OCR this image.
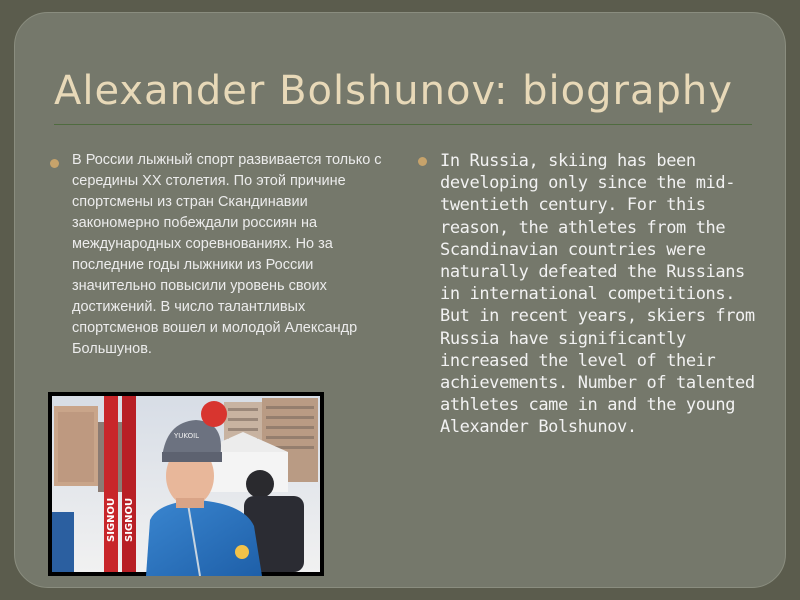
Alexander Bolshunov: biography
В России лыжный спорт развивается только с середины XX столетия. По этой причине спортсмены из стран Скандинавии закономерно побеждали россиян на международных соревнованиях. Но за последние годы лыжники из России значительно повысили уровень своих достижений. В число талантливых спортсменов вошел и молодой Александр Большунов.
In Russia, skiing has been developing only since the mid-twentieth century. For this reason, the athletes from the Scandinavian countries were naturally defeated the Russians in international competitions. But in recent years, skiers from Russia have significantly increased the level of their achievements. Number of talented athletes came in and the young Alexander Bolshunov.
SIGNOU SIGNOU
YUKOIL
